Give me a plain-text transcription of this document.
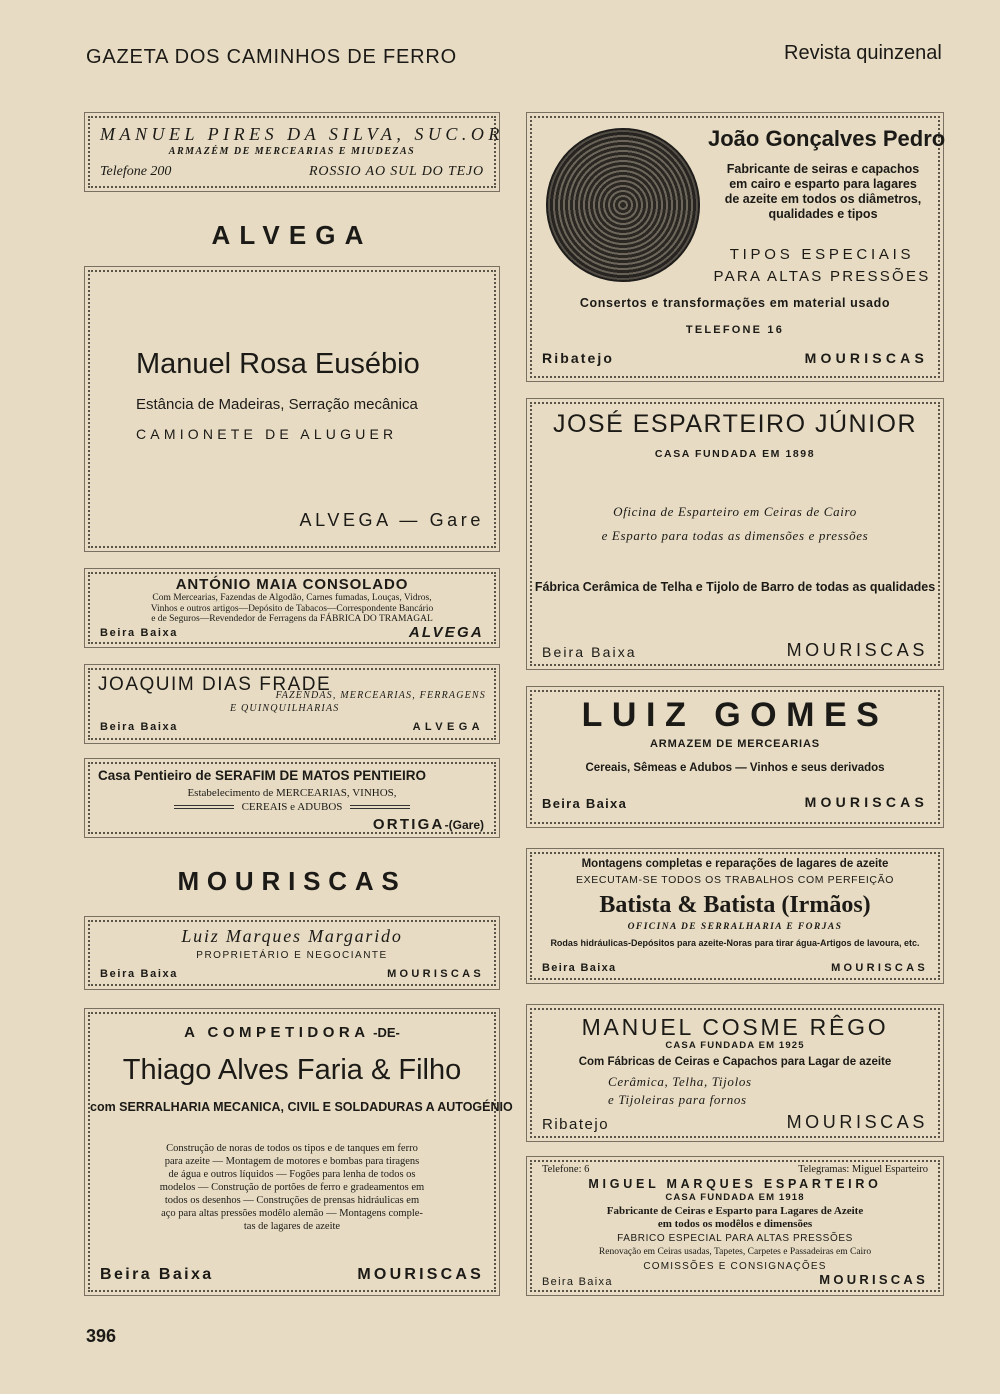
GAZETA DOS CAMINHOS DE FERRO	Revista quinzenal
MANUEL PIRES DA SILVA, SUC.OR
ARMAZÉM DE MERCEARIAS E MIUDEZAS
Telefone 200	ROSSIO AO SUL DO TEJO
ALVEGA
Manuel Rosa Eusébio
Estância de Madeiras, Serração mecânica
CAMIONETE DE ALUGUER
ALVEGA — Gare
ANTÓNIO MAIA CONSOLADO
Com Mercearias, Fazendas de Algodão, Carnes fumadas, Louças, Vidros,
Vinhos e outros artigos—Depósito de Tabacos—Correspondente Bancário
e de Seguros—Revendedor de Ferragens da FÁBRICA DO TRAMAGAL
Beira Baixa	ALVEGA
JOAQUIM DIAS FRADE
FAZENDAS, MERCEARIAS, FERRAGENS
E QUINQUILHARIAS
Beira Baixa	ALVEGA
Casa Pentieiro de SERAFIM DE MATOS PENTIEIRO
Estabelecimento de MERCEARIAS, VINHOS,
CEREAIS e ADUBOS
ORTIGA-(Gare)
MOURISCAS
Luiz Marques Margarido
PROPRIETÁRIO E NEGOCIANTE
Beira Baixa	MOURISCAS
A COMPETIDORA -DE-
Thiago Alves Faria & Filho
com SERRALHARIA MECANICA, CIVIL E SOLDADURAS A AUTOGÉNIO
Construção de noras de todos os tipos e de tanques em ferro
para azeite — Montagem de motores e bombas para tiragens
de água e outros líquidos — Fogões para lenha de todos os
modelos — Construção de portões de ferro e gradeamentos em
todos os desenhos — Construções de prensas hidráulicas em
aço para altas pressões modêlo alemão — Montagens comple-
tas de lagares de azeite
Beira Baixa	MOURISCAS
396
João Gonçalves Pedro
Fabricante de seiras e capachos
em cairo e esparto para lagares
de azeite em todos os diâmetros,
qualidades e tipos
TIPOS ESPECIAIS
PARA ALTAS PRESSÕES
Consertos e transformações em material usado
TELEFONE 16
Ribatejo	MOURISCAS
JOSÉ ESPARTEIRO JÚNIOR
CASA FUNDADA EM 1898
Oficina de Esparteiro em Ceiras de Cairo
e Esparto para todas as dimensões e pressões
Fábrica Cerâmica de Telha e Tijolo de Barro de todas as qualidades
Beira Baixa	MOURISCAS
LUIZ GOMES
ARMAZEM DE MERCEARIAS
Cereais, Sêmeas e Adubos — Vinhos e seus derivados
Beira Baixa	MOURISCAS
Montagens completas e reparações de lagares de azeite
EXECUTAM-SE TODOS OS TRABALHOS COM PERFEIÇÃO
Batista & Batista (Irmãos)
OFICINA DE SERRALHARIA E FORJAS
Rodas hidráulicas-Depósitos para azeite-Noras para tirar água-Artigos de lavoura, etc.
Beira Baixa	MOURISCAS
MANUEL COSME RÊGO
CASA FUNDADA EM 1925
Com Fábricas de Ceiras e Capachos para Lagar de azeite
Cerâmica, Telha, Tijolos
e Tijoleiras para fornos
Ribatejo	MOURISCAS
Telefone: 6	Telegramas: Miguel Esparteiro
MIGUEL MARQUES ESPARTEIRO
CASA FUNDADA EM 1918
Fabricante de Ceiras e Esparto para Lagares de Azeite
em todos os modêlos e dimensões
FABRICO ESPECIAL PARA ALTAS PRESSÕES
Renovação em Ceiras usadas, Tapetes, Carpetes e Passadeiras em Cairo
COMISSÕES E CONSIGNAÇÕES
Beira Baixa	MOURISCAS
